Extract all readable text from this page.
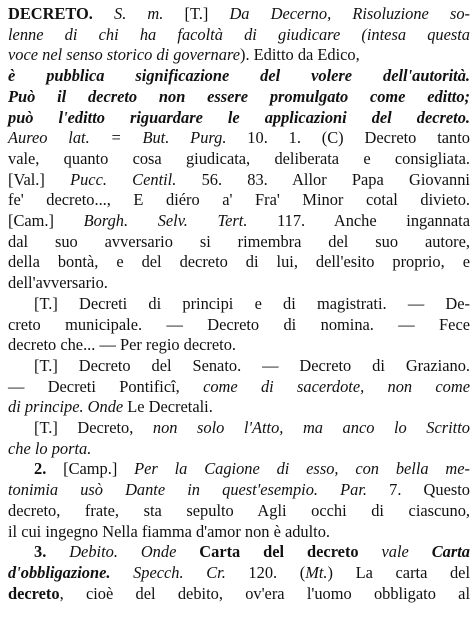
DECRETO. S. m. [T.] Da Decerno, Risoluzione so-
lenne di chi ha facoltà di giudicare (intesa questa
voce nel senso storico di governare). Editto da Edico,
è pubblica significazione del volere dell'autorità.
Può il decreto non essere promulgato come editto;
può l'editto riguardare le applicazioni del decreto.
Aureo lat. = But. Purg. 10. 1. (C) Decreto tanto
vale, quanto cosa giudicata, deliberata e consigliata.
[Val.] Pucc. Centil. 56. 83. Allor Papa Giovanni
fe' decreto..., E diéro a' Fra' Minor cotal divieto.
[Cam.] Borgh. Selv. Tert. 117. Anche ingannata
dal suo avversario si rimembra del suo autore,
della bontà, e del decreto di lui, dell'esito proprio, e
dell'avversario.
[T.] Decreti di principi e di magistrati. — De-
creto municipale. — Decreto di nomina. — Fece
decreto che... — Per regio decreto.
[T.] Decreto del Senato. — Decreto di Graziano.
— Decreti Pontificî, come di sacerdote, non come
di principe. Onde Le Decretali.
[T.] Decreto, non solo l'Atto, ma anco lo Scritto
che lo porta.
2. [Camp.] Per la Cagione di esso, con bella me-
tonimia usò Dante in quest'esempio. Par. 7. Questo
decreto, frate, sta sepulto Agli occhi di ciascuno,
il cui ingegno Nella fiamma d'amor non è adulto.
3. Debito. Onde Carta del decreto vale Carta
d'obbligazione. Specch. Cr. 120. (Mt.) La carta del
decreto, cioè del debito, ov'era l'uomo obbligato al
